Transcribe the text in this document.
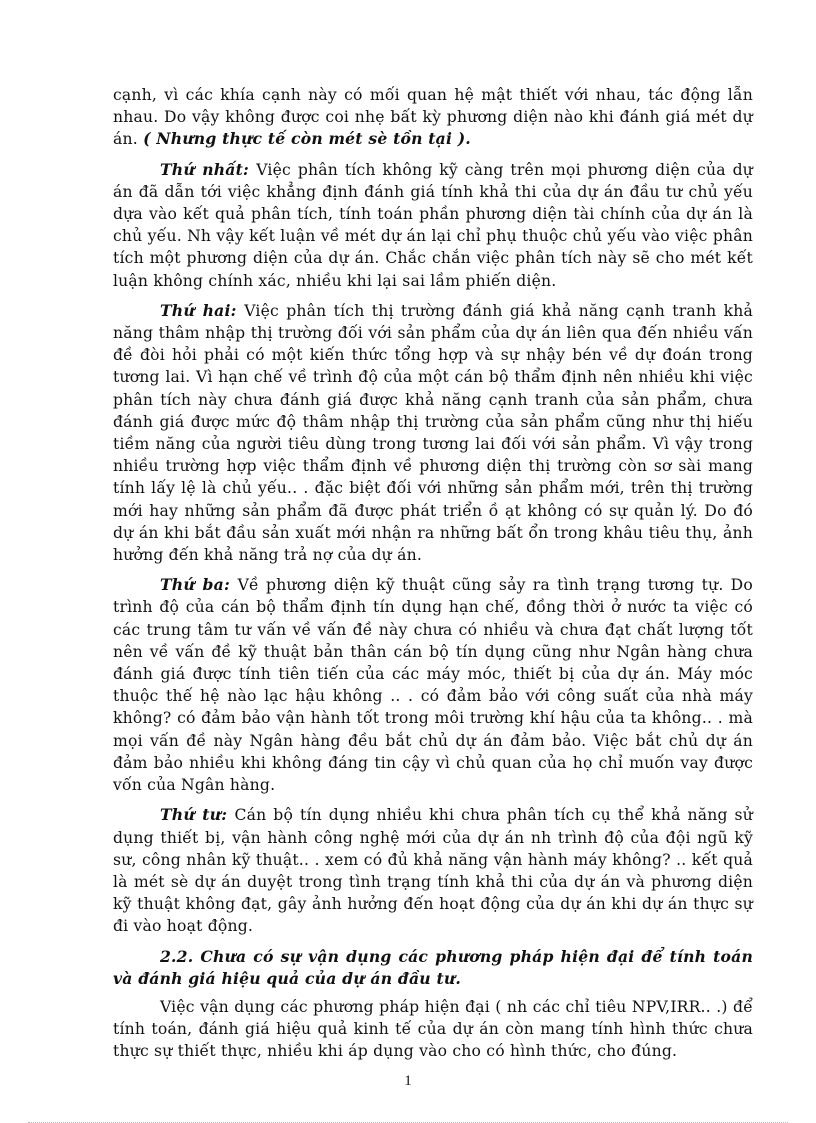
cạnh, vì các khía cạnh này có mối quan hệ mật thiết với nhau, tác động lẫn nhau. Do vậy không được coi nhẹ bất kỳ phương diện nào khi đánh giá mét dự án. ( Nhưng thực tế còn mét sè tồn tại ).

Thứ nhất: Việc phân tích không kỹ càng trên mọi phương diện của dự án đã dẫn tới việc khẳng định đánh giá tính khả thi của dự án đầu tư chủ yếu dựa vào kết quả phân tích, tính toán phần phương diện tài chính của dự án là chủ yếu. Nh vậy kết luận về mét dự án lại chỉ phụ thuộc chủ yếu vào việc phân tích một phương diện của dự án. Chắc chắn việc phân tích này sẽ cho mét kết luận không chính xác, nhiều khi lại sai lầm phiến diện.

Thứ hai: Việc phân tích thị trường đánh giá khả năng cạnh tranh khả năng thâm nhập thị trường đối với sản phẩm của dự án liên qua đến nhiều vấn đề đòi hỏi phải có một kiến thức tổng hợp và sự nhậy bén về dự đoán trong tương lai. Vì hạn chế về trình độ của một cán bộ thẩm định nên nhiều khi việc phân tích này chưa đánh giá được khả năng cạnh tranh của sản phẩm, chưa đánh giá được mức độ thâm nhập thị trường của sản phẩm cũng như thị hiếu tiềm năng của người tiêu dùng trong tương lai đối với sản phẩm. Vì vậy trong nhiều trường hợp việc thẩm định về phương diện thị trường còn sơ sài mang tính lấy lệ là chủ yếu.. . đặc biệt đối với những sản phẩm mới, trên thị trường mới hay những sản phẩm đã được phát triển ồ ạt không có sự quản lý. Do đó dự án khi bắt đầu sản xuất mới nhận ra những bất ổn trong khâu tiêu thụ, ảnh hưởng đến khả năng trả nợ của dự án.

Thứ ba: Về phương diện kỹ thuật cũng sảy ra tình trạng tương tự. Do trình độ của cán bộ thẩm định tín dụng hạn chế, đồng thời ở nước ta việc có các trung tâm tư vấn về vấn đề này chưa có nhiều và chưa đạt chất lượng tốt nên về vấn đề kỹ thuật bản thân cán bộ tín dụng cũng như Ngân hàng chưa đánh giá được tính tiên tiến của các máy móc, thiết bị của dự án. Máy móc thuộc thế hệ nào lạc hậu không .. . có đảm bảo với công suất của nhà máy không? có đảm bảo vận hành tốt trong môi trường khí hậu của ta không.. . mà mọi vấn đề này Ngân hàng đều bắt chủ dự án đảm bảo. Việc bắt chủ dự án đảm bảo nhiều khi không đáng tin cậy vì chủ quan của họ chỉ muốn vay được vốn của Ngân hàng.

Thứ tư: Cán bộ tín dụng nhiều khi chưa phân tích cụ thể khả năng sử dụng thiết bị, vận hành công nghệ mới của dự án nh trình độ của đội ngũ kỹ sư, công nhân kỹ thuật.. . xem có đủ khả năng vận hành máy không? .. kết quả là mét sè dự án duyệt trong tình trạng tính khả thi của dự án và phương diện kỹ thuật không đạt, gây ảnh hưởng đến hoạt động của dự án khi dự án thực sự đi vào hoạt động.

2.2. Chưa có sự vận dụng các phương pháp hiện đại để tính toán và đánh giá hiệu quả của dự án đầu tư.

Việc vận dụng các phương pháp hiện đại ( nh các chỉ tiêu NPV,IRR.. .) để tính toán, đánh giá hiệu quả kinh tế của dự án còn mang tính hình thức chưa thực sự thiết thực, nhiều khi áp dụng vào cho có hình thức, cho đúng.

1
